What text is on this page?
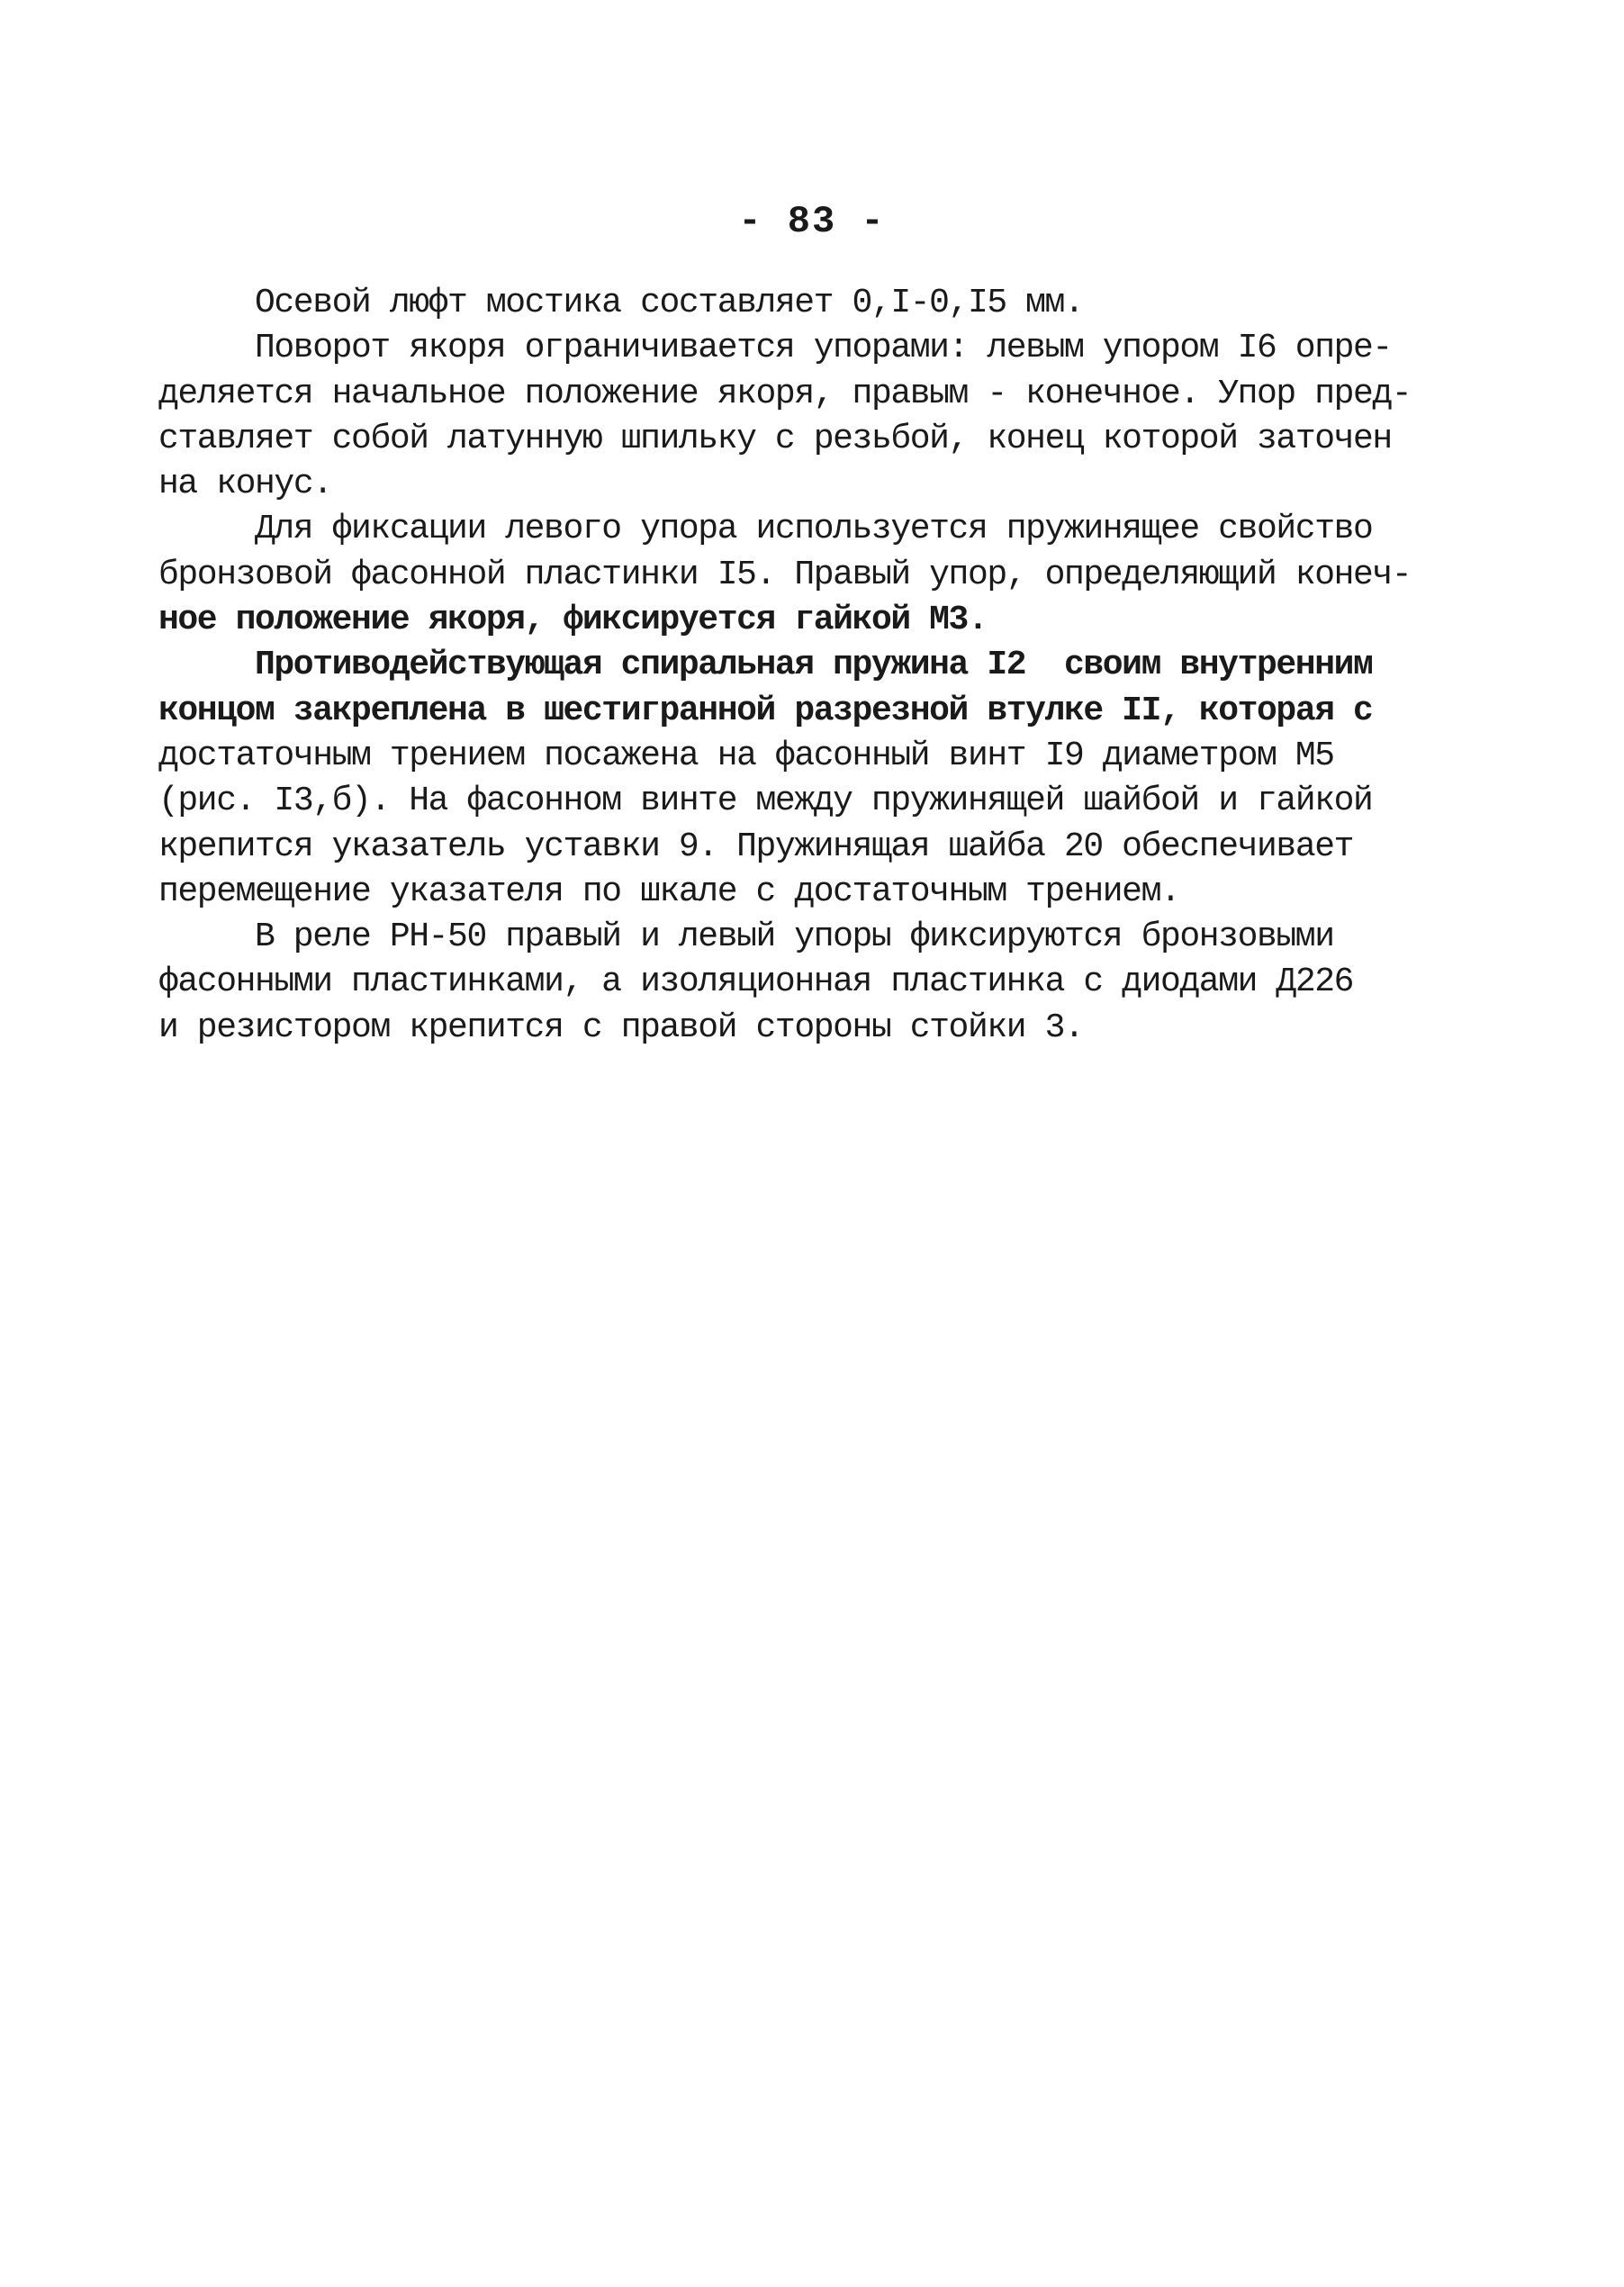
- 83 -
Осевой люфт мостика составляет 0,I-0,I5 мм.
Поворот якоря ограничивается упорами: левым упором I6 опре-
деляется начальное положение якоря, правым - конечное. Упор пред-
ставляет собой латунную шпильку с резьбой, конец которой заточен
на конус.
Для фиксации левого упора используется пружинящее свойство
бронзовой фасонной пластинки I5. Правый упор, определяющий конеч-
ное положение якоря, фиксируется гайкой М3.
Противодействующая спиральная пружина I2  своим внутренним
концом закреплена в шестигранной разрезной втулке II, которая с
достаточным трением посажена на фасонный винт I9 диаметром М5
(рис. I3,б). На фасонном винте между пружинящей шайбой и гайкой
крепится указатель уставки 9. Пружинящая шайба 20 обеспечивает
перемещение указателя по шкале с достаточным трением.
В реле РН-50 правый и левый упоры фиксируются бронзовыми
фасонными пластинками, а изоляционная пластинка с диодами Д226
и резистором крепится с правой стороны стойки 3.
